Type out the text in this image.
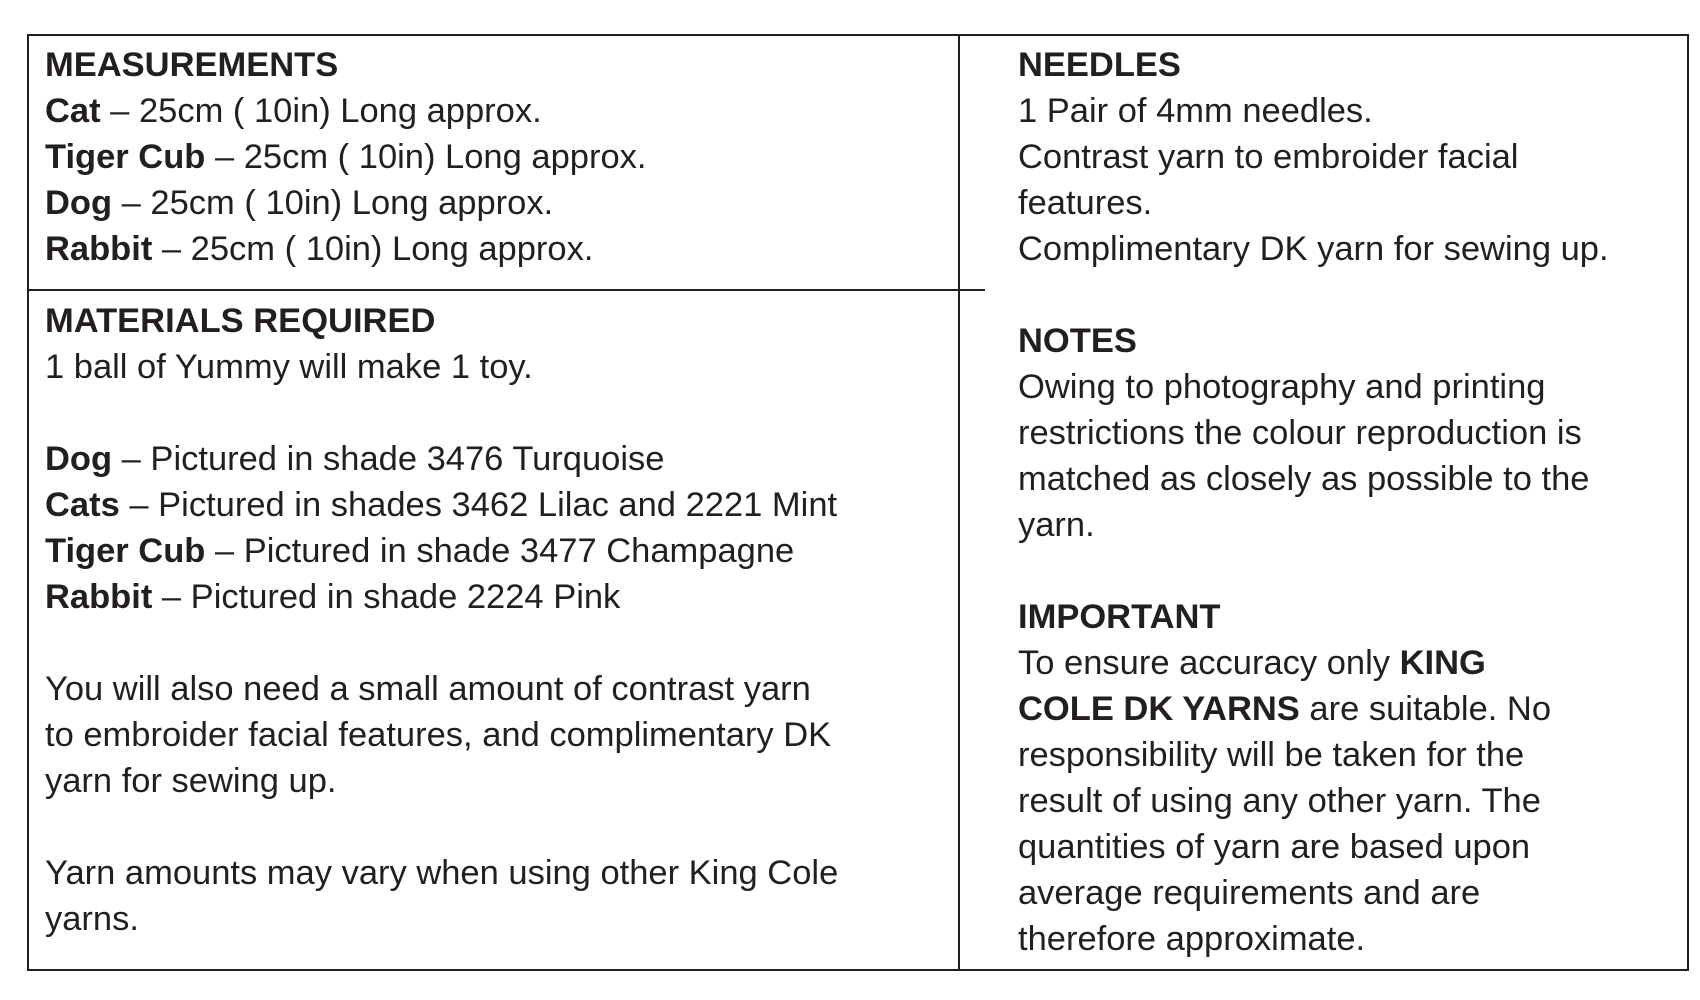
MEASUREMENTS
Cat – 25cm ( 10in) Long approx.
Tiger Cub – 25cm ( 10in) Long approx.
Dog – 25cm ( 10in) Long approx.
Rabbit – 25cm ( 10in) Long approx.
MATERIALS REQUIRED
1 ball of Yummy will make 1 toy.
Dog – Pictured in shade 3476 Turquoise
Cats – Pictured in shades 3462 Lilac and 2221 Mint
Tiger Cub – Pictured in shade 3477 Champagne
Rabbit – Pictured in shade 2224 Pink
You will also need a small amount of contrast yarn
to embroider facial features, and complimentary DK
yarn for sewing up.
Yarn amounts may vary when using other King Cole
yarns.
NEEDLES
1 Pair of 4mm needles.
Contrast yarn to embroider facial
features.
Complimentary DK yarn for sewing up.
NOTES
Owing to photography and printing
restrictions the colour reproduction is
matched as closely as possible to the
yarn.
IMPORTANT
To ensure accuracy only KING
COLE DK YARNS are suitable. No
responsibility will be taken for the
result of using any other yarn. The
quantities of yarn are based upon
average requirements and are
therefore approximate.
